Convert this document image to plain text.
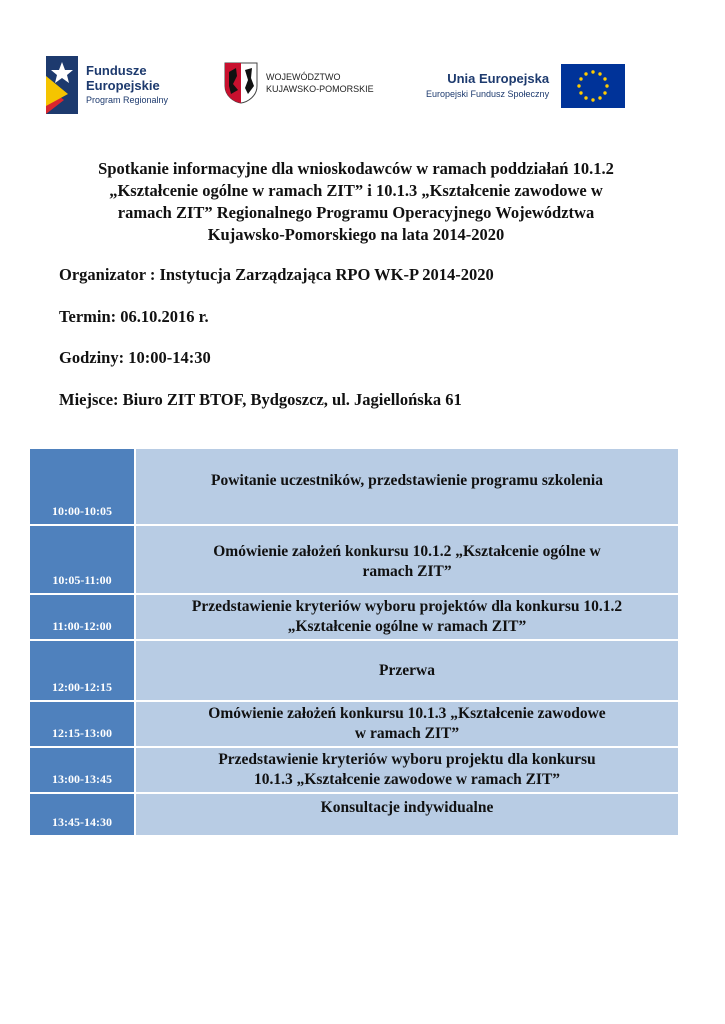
Fundusze
Europejskie
Program Regionalny
WOJEWÓDZTWO
KUJAWSKO-POMORSKIE
Unia Europejska
Europejski Fundusz Społeczny
Spotkanie informacyjne dla wnioskodawców w ramach poddziałań 10.1.2
„Kształcenie ogólne w ramach ZIT” i 10.1.3 „Kształcenie zawodowe w
ramach ZIT” Regionalnego Programu Operacyjnego Województwa
Kujawsko-Pomorskiego na lata 2014-2020
Organizator : Instytucja Zarządzająca RPO WK-P 2014-2020
Termin: 06.10.2016 r.
Godziny: 10:00-14:30
Miejsce: Biuro ZIT BTOF, Bydgoszcz, ul. Jagiellońska 61
10:00-10:05
Powitanie uczestników, przedstawienie programu szkolenia
10:05-11:00
Omówienie założeń konkursu 10.1.2 „Kształcenie ogólne w
ramach ZIT”
11:00-12:00
Przedstawienie kryteriów wyboru projektów dla konkursu 10.1.2
„Kształcenie ogólne w ramach ZIT”
12:00-12:15
Przerwa
12:15-13:00
Omówienie założeń konkursu 10.1.3 „Kształcenie zawodowe
w ramach ZIT”
13:00-13:45
Przedstawienie kryteriów wyboru projektu dla konkursu
10.1.3 „Kształcenie zawodowe w ramach ZIT”
13:45-14:30
Konsultacje indywidualne
